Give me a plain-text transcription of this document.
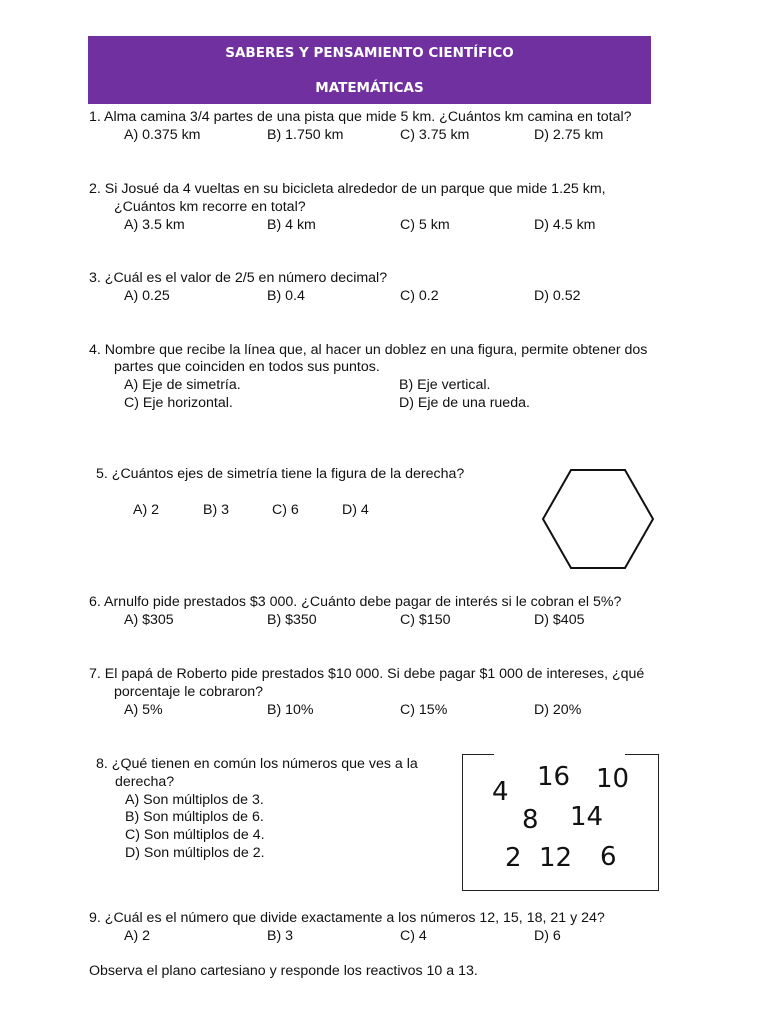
SABERES Y PENSAMIENTO CIENTÍFICO
MATEMÁTICAS
1. Alma camina 3/4 partes de una pista que mide 5 km. ¿Cuántos km camina en total?
A) 0.375 km	B) 1.750 km	C) 3.75 km	D) 2.75 km
2. Si Josué da 4 vueltas en su bicicleta alrededor de un parque que mide 1.25 km,
¿Cuántos km recorre en total?
A) 3.5 km	B) 4 km	C) 5 km	D) 4.5 km
3. ¿Cuál es el valor de 2/5 en número decimal?
A) 0.25	B) 0.4	C) 0.2	D) 0.52
4. Nombre que recibe la línea que, al hacer un doblez en una figura, permite obtener dos
partes que coinciden en todos sus puntos.
A) Eje de simetría.	B) Eje vertical.
C) Eje horizontal.	D) Eje de una rueda.
5. ¿Cuántos ejes de simetría tiene la figura de la derecha?
A) 2	B) 3	C) 6	D) 4
6. Arnulfo pide prestados $3 000. ¿Cuánto debe pagar de interés si le cobran el 5%?
A) $305	B) $350	C) $150	D) $405
7. El papá de Roberto pide prestados $10 000. Si debe pagar $1 000 de intereses, ¿qué
porcentaje le cobraron?
A) 5%	B) 10%	C) 15%	D) 20%
8. ¿Qué tienen en común los números que ves a la
derecha?
A) Son múltiplos de 3.
B) Son múltiplos de 6.
C) Son múltiplos de 4.
D) Son múltiplos de 2.
4 16 10
8 14
2 12 6
9. ¿Cuál es el número que divide exactamente a los números 12, 15, 18, 21 y 24?
A) 2	B) 3	C) 4	D) 6
Observa el plano cartesiano y responde los reactivos 10 a 13.
